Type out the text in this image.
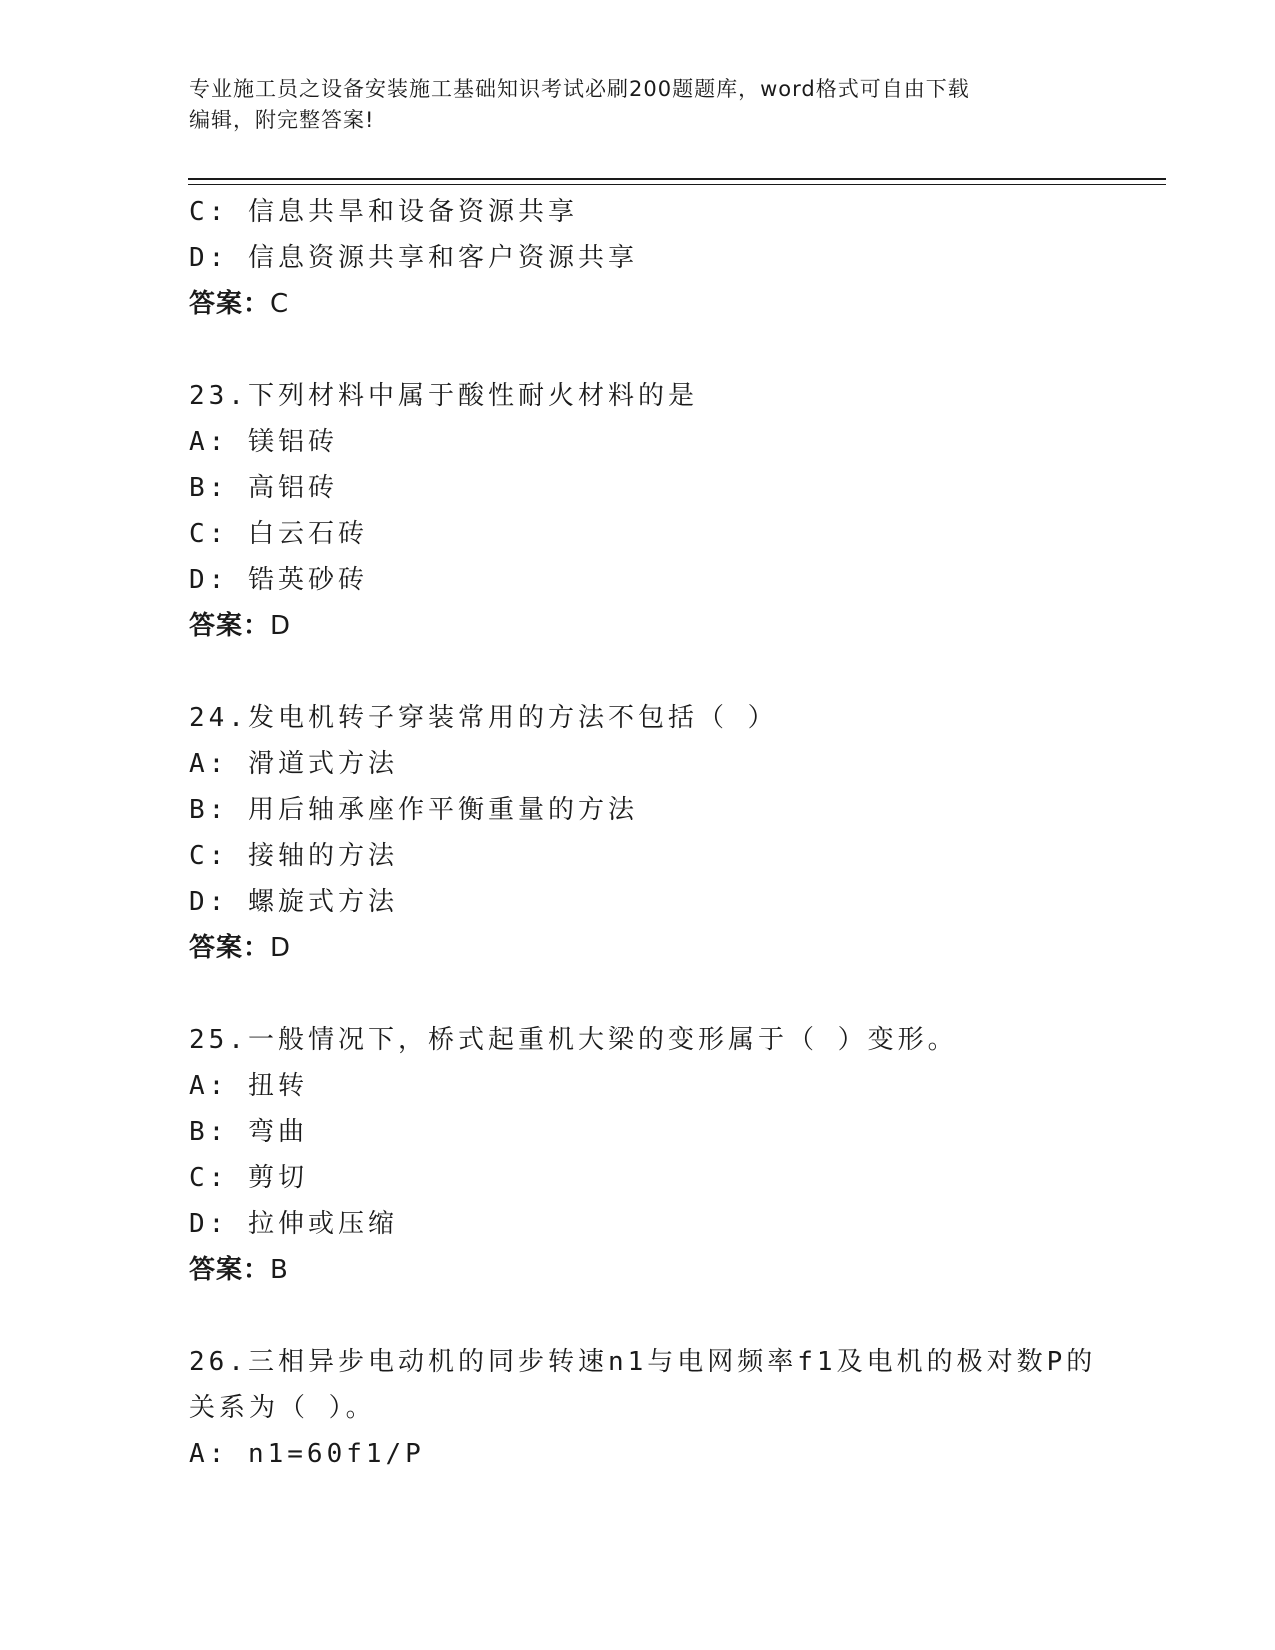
专业施工员之设备安装施工基础知识考试必刷200题题库，word格式可自由下载
编辑，附完整答案!
C: 信息共旱和设备资源共享
D: 信息资源共享和客户资源共享
答案：C
23.下列材料中属于酸性耐火材料的是
A: 镁铝砖
B: 高铝砖
C: 白云石砖
D: 锆英砂砖
答案：D
24.发电机转子穿装常用的方法不包括（ ）
A: 滑道式方法
B: 用后轴承座作平衡重量的方法
C: 接轴的方法
D: 螺旋式方法
答案：D
25.一般情况下，桥式起重机大梁的变形属于（ ）变形。
A: 扭转
B: 弯曲
C: 剪切
D: 拉伸或压缩
答案：B
26.三相异步电动机的同步转速n1与电网频率f1及电机的极对数P的
关系为（ ）。
A: n1=60f1/P
